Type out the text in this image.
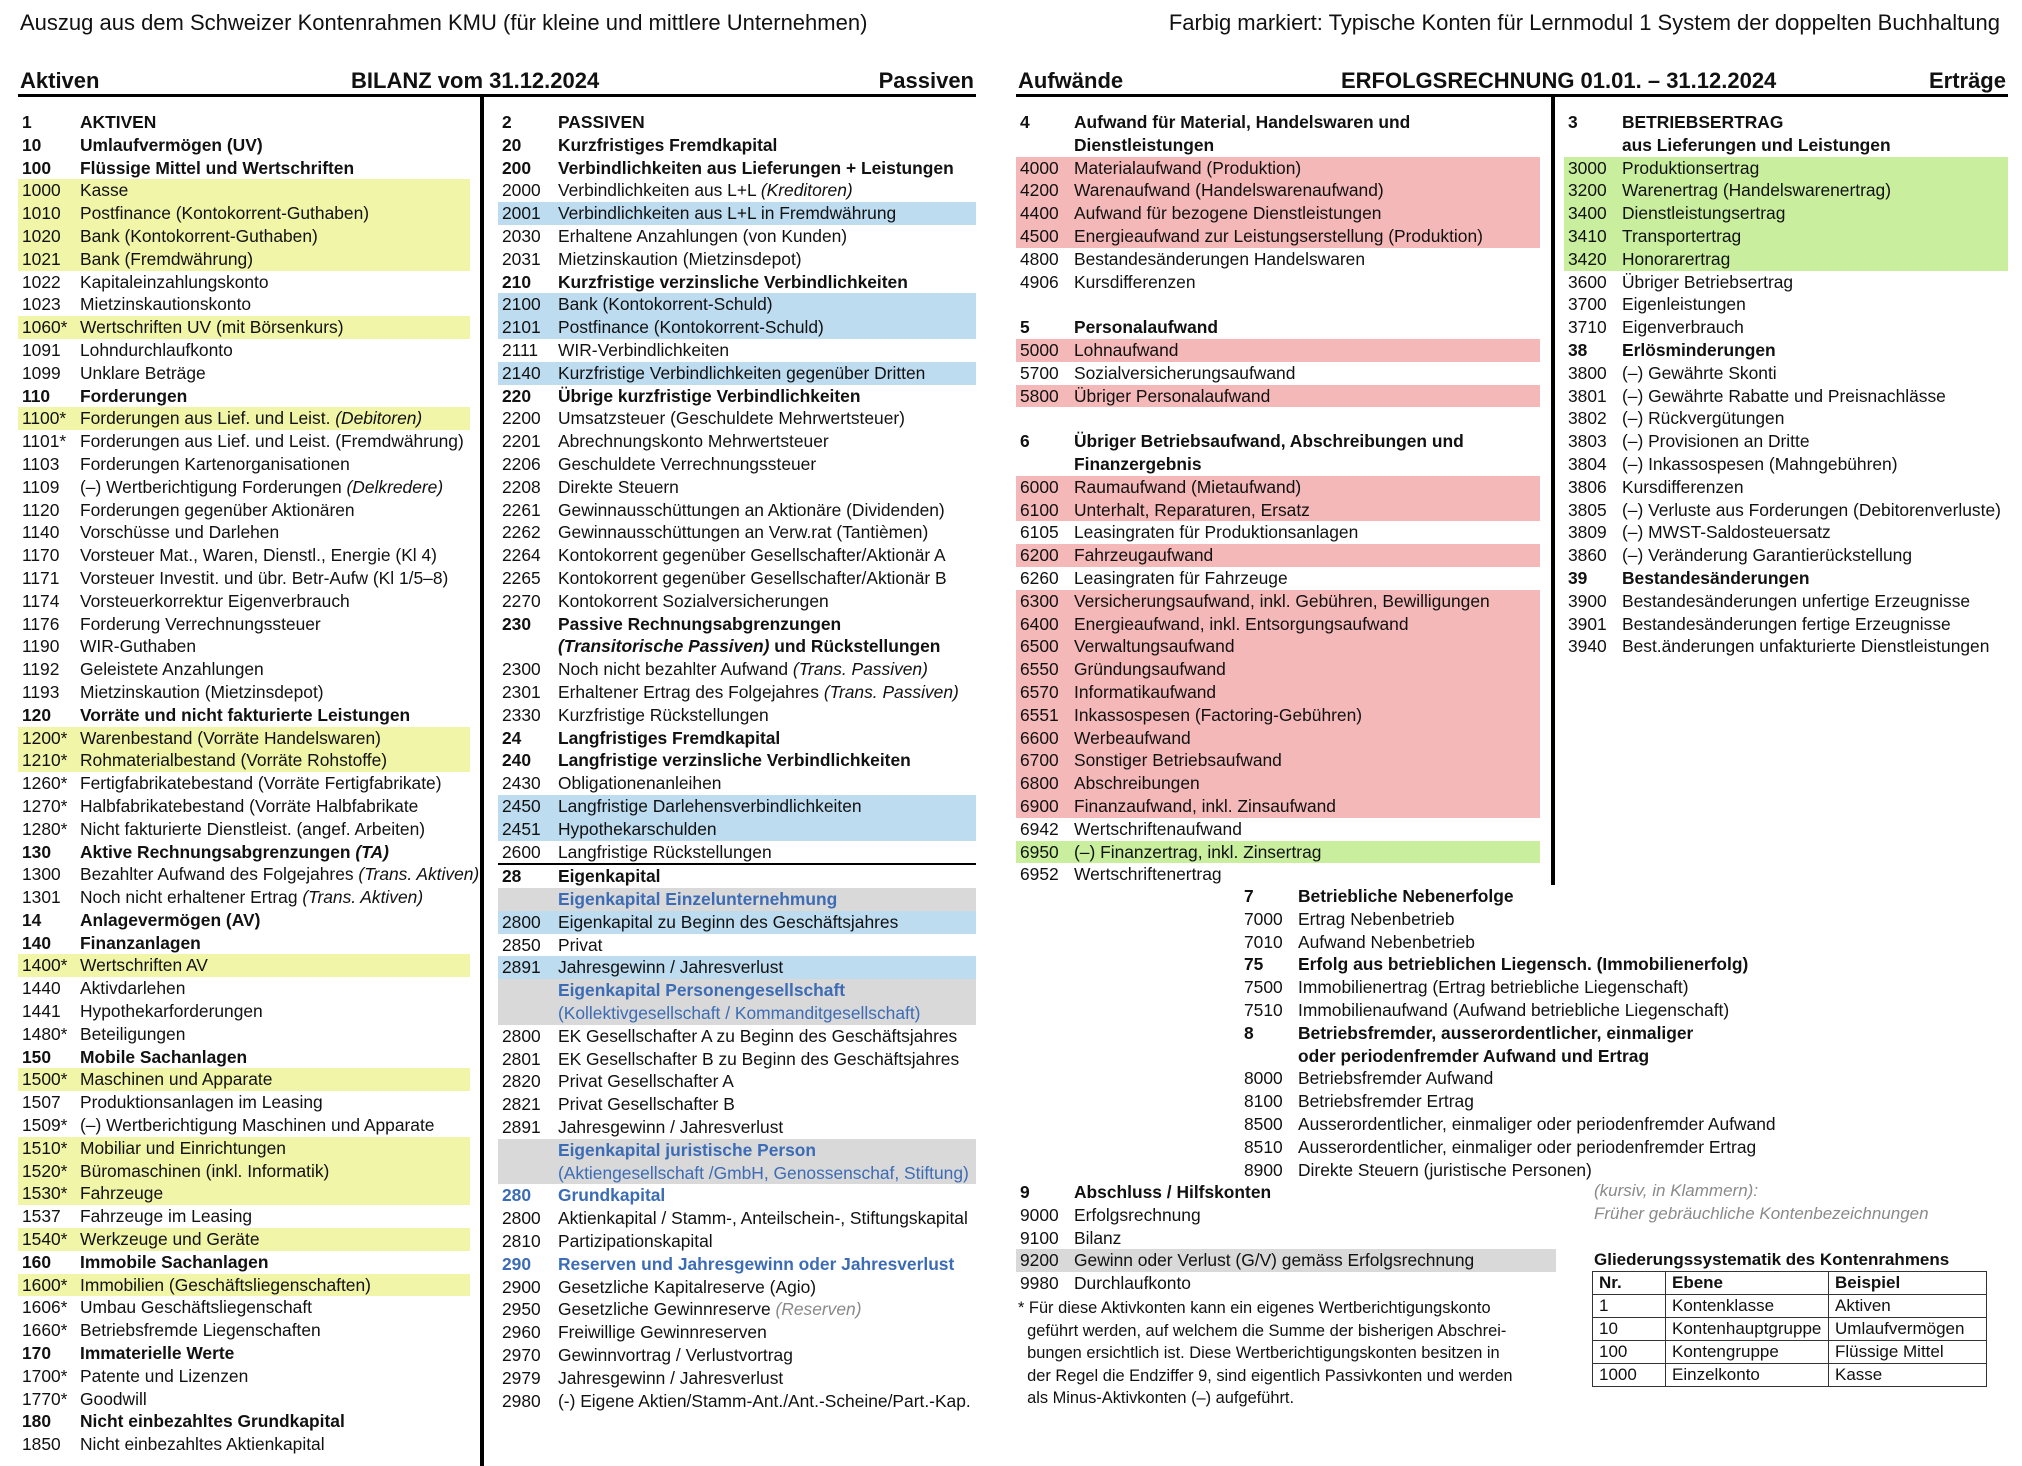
Auszug aus dem Schweizer Kontenrahmen KMU (für kleine und mittlere Unternehmen)	Farbig markiert: Typische Konten für Lernmodul 1 System der doppelten Buchhaltung
Aktiven	BILANZ vom 31.12.2024	Passiven Aufwände	ERFOLGSRECHNUNG 01.01. – 31.12.2024	Erträge
1	AKTIVEN
10 Umlaufvermögen (UV)
100 Flüssige Mittel und Wertschriften
1000 Kasse
1010 Postfinance (Kontokorrent-Guthaben)
1020 Bank (Kontokorrent-Guthaben)
1021 Bank (Fremdwährung)
1022 Kapitaleinzahlungskonto
1023 Mietzinskautionskonto
1060* Wertschriften UV (mit Börsenkurs)
1091 Lohndurchlaufkonto
1099 Unklare Beträge
110 Forderungen
1100* Forderungen aus Lief. und Leist. (Debitoren)
1101* Forderungen aus Lief. und Leist. (Fremdwährung)
1103 Forderungen Kartenorganisationen
1109 (–) Wertberichtigung Forderungen (Delkredere)
1120 Forderungen gegenüber Aktionären
1140 Vorschüsse und Darlehen
1170 Vorsteuer Mat., Waren, Dienstl., Energie (Kl 4)
1171 Vorsteuer Investit. und übr. Betr-Aufw (Kl 1/5–8)
1174 Vorsteuerkorrektur Eigenverbrauch
1176 Forderung Verrechnungssteuer
1190 WIR-Guthaben
1192 Geleistete Anzahlungen
1193 Mietzinskaution (Mietzinsdepot)
120 Vorräte und nicht fakturierte Leistungen
1200* Warenbestand (Vorräte Handelswaren)
1210* Rohmaterialbestand (Vorräte Rohstoffe)
1260* Fertigfabrikatebestand (Vorräte Fertigfabrikate)
1270* Halbfabrikatebestand (Vorräte Halbfabrikate
1280* Nicht fakturierte Dienstleist. (angef. Arbeiten)
130 Aktive Rechnungsabgrenzungen (TA)
1300 Bezahlter Aufwand des Folgejahres (Trans. Aktiven)
1301 Noch nicht erhaltener Ertrag (Trans. Aktiven)
14 Anlagevermögen (AV)
140 Finanzanlagen
1400* Wertschriften AV
1440 Aktivdarlehen
1441 Hypothekarforderungen
1480* Beteiligungen
150 Mobile Sachanlagen
1500* Maschinen und Apparate
1507 Produktionsanlagen im Leasing
1509* (–) Wertberichtigung Maschinen und Apparate
1510* Mobiliar und Einrichtungen
1520* Büromaschinen (inkl. Informatik)
1530* Fahrzeuge
1537 Fahrzeuge im Leasing
1540* Werkzeuge und Geräte
160 Immobile Sachanlagen
1600* Immobilien (Geschäftsliegenschaften)
1606* Umbau Geschäftsliegenschaft
1660* Betriebsfremde Liegenschaften
170 Immaterielle Werte
1700* Patente und Lizenzen
1770* Goodwill
180 Nicht einbezahltes Grundkapital
1850 Nicht einbezahltes Aktienkapital
2	PASSIVEN
20 Kurzfristiges Fremdkapital
200 Verbindlichkeiten aus Lieferungen + Leistungen
2000 Verbindlichkeiten aus L+L (Kreditoren)
2001 Verbindlichkeiten aus L+L in Fremdwährung
2030 Erhaltene Anzahlungen (von Kunden)
2031 Mietzinskaution (Mietzinsdepot)
210 Kurzfristige verzinsliche Verbindlichkeiten
2100 Bank (Kontokorrent-Schuld)
2101 Postfinance (Kontokorrent-Schuld)
2111 WIR-Verbindlichkeiten
2140 Kurzfristige Verbindlichkeiten gegenüber Dritten
220 Übrige kurzfristige Verbindlichkeiten
2200 Umsatzsteuer (Geschuldete Mehrwertsteuer)
2201 Abrechnungskonto Mehrwertsteuer
2206 Geschuldete Verrechnungssteuer
2208 Direkte Steuern
2261 Gewinnausschüttungen an Aktionäre (Dividenden)
2262 Gewinnausschüttungen an Verw.rat (Tantièmen)
2264 Kontokorrent gegenüber Gesellschafter/Aktionär A
2265 Kontokorrent gegenüber Gesellschafter/Aktionär B
2270 Kontokorrent Sozialversicherungen
230 Passive Rechnungsabgrenzungen
(Transitorische Passiven) und Rückstellungen
2300 Noch nicht bezahlter Aufwand (Trans. Passiven)
2301 Erhaltener Ertrag des Folgejahres (Trans. Passiven)
2330 Kurzfristige Rückstellungen
24 Langfristiges Fremdkapital
240 Langfristige verzinsliche Verbindlichkeiten
2430 Obligationenanleihen
2450 Langfristige Darlehensverbindlichkeiten
2451 Hypothekarschulden
2600 Langfristige Rückstellungen
28 Eigenkapital
Eigenkapital Einzelunternehmung
2800 Eigenkapital zu Beginn des Geschäftsjahres
2850 Privat
2891 Jahresgewinn / Jahresverlust
Eigenkapital Personengesellschaft
(Kollektivgesellschaft / Kommanditgesellschaft)
2800 EK Gesellschafter A zu Beginn des Geschäftsjahres
2801 EK Gesellschafter B zu Beginn des Geschäftsjahres
2820 Privat Gesellschafter A
2821 Privat Gesellschafter B
2891 Jahresgewinn / Jahresverlust
Eigenkapital juristische Person
(Aktiengesellschaft /GmbH, Genossenschaf, Stiftung)
280 Grundkapital
2800 Aktienkapital / Stamm-, Anteilschein-, Stiftungskapital
2810 Partizipationskapital
290 Reserven und Jahresgewinn oder Jahresverlust
2900 Gesetzliche Kapitalreserve (Agio)
2950 Gesetzliche Gewinnreserve (Reserven)
2960 Freiwillige Gewinnreserven
2970 Gewinnvortrag / Verlustvortrag
2979 Jahresgewinn / Jahresverlust
2980 (-) Eigene Aktien/Stamm-Ant./Ant.-Scheine/Part.-Kap.
4	Aufwand für Material, Handelswaren und
Dienstleistungen
4000 Materialaufwand (Produktion)
4200 Warenaufwand (Handelswarenaufwand)
4400 Aufwand für bezogene Dienstleistungen
4500 Energieaufwand zur Leistungserstellung (Produktion)
4800 Bestandesänderungen Handelswaren
4906 Kursdifferenzen
5	Personalaufwand
5000 Lohnaufwand
5700 Sozialversicherungsaufwand
5800 Übriger Personalaufwand
6	Übriger Betriebsaufwand, Abschreibungen und
Finanzergebnis
6000 Raumaufwand (Mietaufwand)
6100 Unterhalt, Reparaturen, Ersatz
6105 Leasingraten für Produktionsanlagen
6200 Fahrzeugaufwand
6260 Leasingraten für Fahrzeuge
6300 Versicherungsaufwand, inkl. Gebühren, Bewilligungen
6400 Energieaufwand, inkl. Entsorgungsaufwand
6500 Verwaltungsaufwand
6550 Gründungsaufwand
6570 Informatikaufwand
6551 Inkassospesen (Factoring-Gebühren)
6600 Werbeaufwand
6700 Sonstiger Betriebsaufwand
6800 Abschreibungen
6900 Finanzaufwand, inkl. Zinsaufwand
6942 Wertschriftenaufwand
6950 (–) Finanzertrag, inkl. Zinsertrag
6952 Wertschriftenertrag
3	BETRIEBSERTRAG
aus Lieferungen und Leistungen
3000 Produktionsertrag
3200 Warenertrag (Handelswarenertrag)
3400 Dienstleistungsertrag
3410 Transportertrag
3420 Honorarertrag
3600 Übriger Betriebsertrag
3700 Eigenleistungen
3710 Eigenverbrauch
38 Erlösminderungen
3800 (–) Gewährte Skonti
3801 (–) Gewährte Rabatte und Preisnachlässe
3802 (–) Rückvergütungen
3803 (–) Provisionen an Dritte
3804 (–) Inkassospesen (Mahngebühren)
3806 Kursdifferenzen
3805 (–) Verluste aus Forderungen (Debitorenverluste)
3809 (–) MWST-Saldosteuersatz
3860 (–) Veränderung Garantierückstellung
39 Bestandesänderungen
3900 Bestandesänderungen unfertige Erzeugnisse
3901 Bestandesänderungen fertige Erzeugnisse
3940 Best.änderungen unfakturierte Dienstleistungen
7	Betriebliche Nebenerfolge
7000 Ertrag Nebenbetrieb
7010 Aufwand Nebenbetrieb
75 Erfolg aus betrieblichen Liegensch. (Immobilienerfolg)
7500 Immobilienertrag (Ertrag betriebliche Liegenschaft)
7510 Immobilienaufwand (Aufwand betriebliche Liegenschaft)
8	Betriebsfremder, ausserordentlicher, einmaliger
oder periodenfremder Aufwand und Ertrag
8000 Betriebsfremder Aufwand
8100 Betriebsfremder Ertrag
8500 Ausserordentlicher, einmaliger oder periodenfremder Aufwand
8510 Ausserordentlicher, einmaliger oder periodenfremder Ertrag
8900 Direkte Steuern (juristische Personen)
9	Abschluss / Hilfskonten
9000 Erfolgsrechnung
9100 Bilanz
9200 Gewinn oder Verlust (G/V) gemäss Erfolgsrechnung
9980 Durchlaufkonto
* Für diese Aktivkonten kann ein eigenes Wertberichtigungskonto
geführt werden, auf welchem die Summe der bisherigen Abschrei-
bungen ersichtlich ist. Diese Wertberichtigungskonten besitzen in
der Regel die Endziffer 9, sind eigentlich Passivkonten und werden
als Minus-Aktivkonten (–) aufgeführt.
(kursiv, in Klammern):
Früher gebräuchliche Kontenbezeichnungen
Gliederungssystematik des Kontenrahmens
Nr.	Ebene	Beispiel
1	Kontenklasse	Aktiven
10	Kontenhauptgruppe	Umlaufvermögen
100	Kontengruppe	Flüssige Mittel
1000	Einzelkonto	Kasse
